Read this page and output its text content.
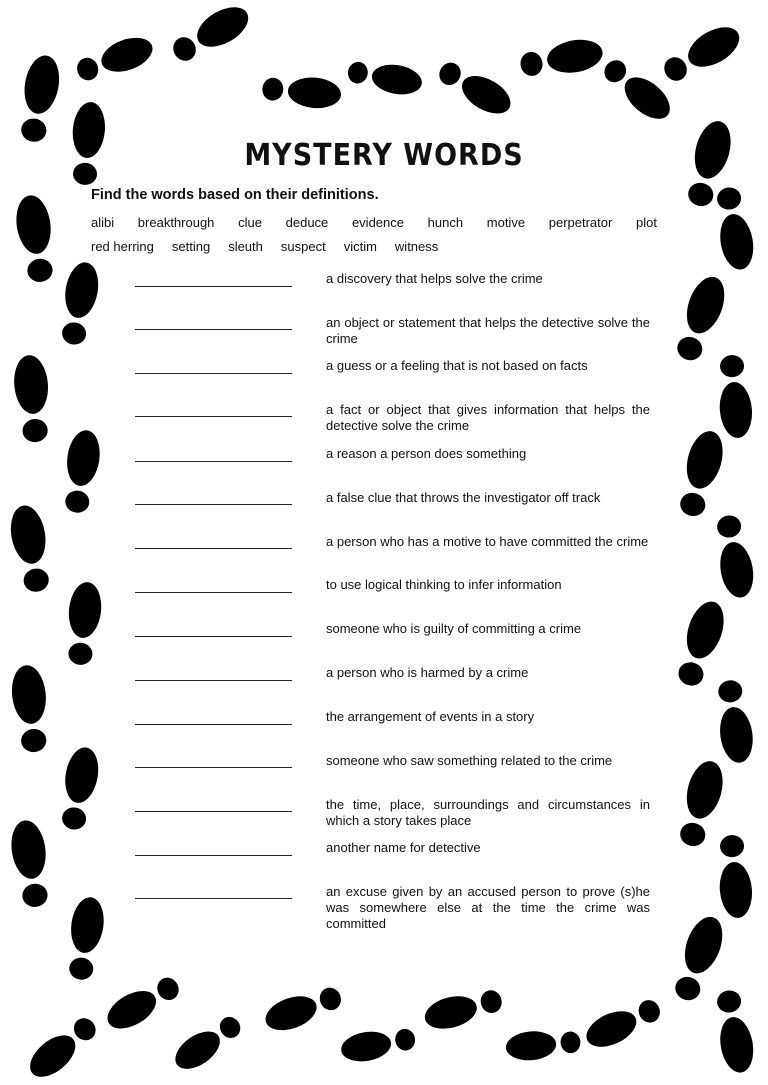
MYSTERY WORDS
Find the words based on their definitions.
alibi breakthrough clue deduce evidence hunch motive perpetrator plot
red herring setting sleuth suspect victim witness
a discovery that helps solve the crime
an object or statement that helps the detective solve the crime
a guess or a feeling that is not based on facts
a fact or object that gives information that helps the detective solve the crime
a reason a person does something
a false clue that throws the investigator off track
a person who has a motive to have committed the crime
to use logical thinking to infer information
someone who is guilty of committing a crime
a person who is harmed by a crime
the arrangement of events in a story
someone who saw something related to the crime
the time, place, surroundings and circumstances in which a story takes place
another name for detective
an excuse given by an accused person to prove (s)he was somewhere else at the time the crime was committed
